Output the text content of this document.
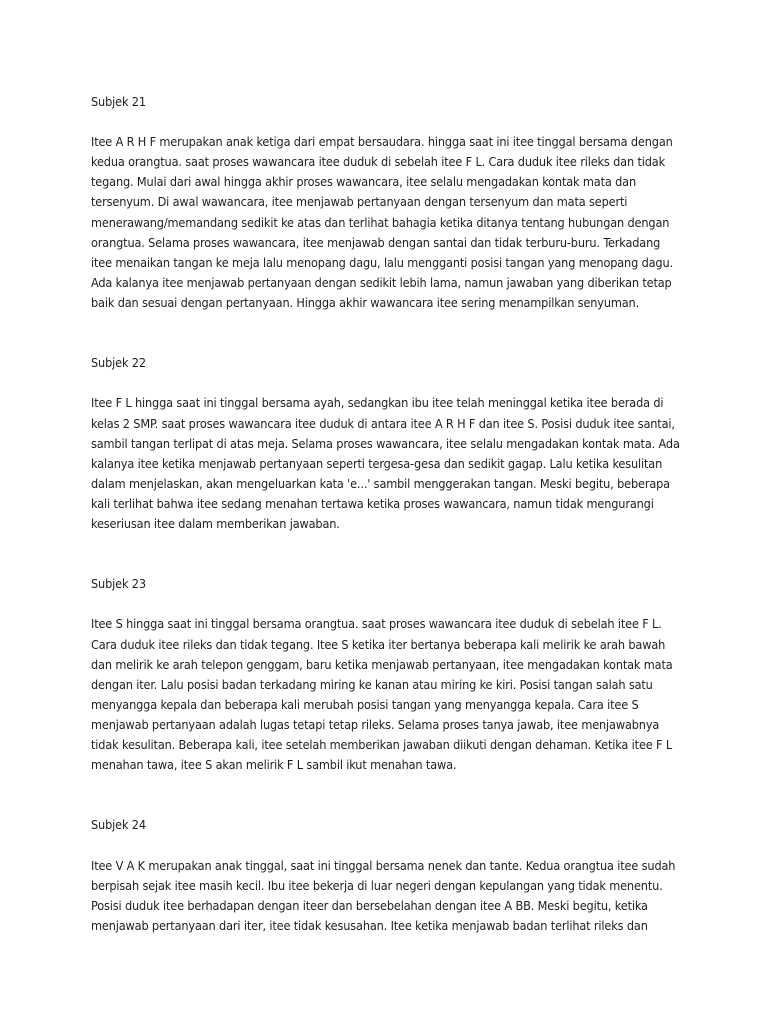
Subjek 21

Itee A R H F merupakan anak ketiga dari empat bersaudara. hingga saat ini itee tinggal bersama dengan kedua orangtua. saat proses wawancara itee duduk di sebelah itee F L. Cara duduk itee rileks dan tidak tegang. Mulai dari awal hingga akhir proses wawancara, itee selalu mengadakan kontak mata dan tersenyum. Di awal wawancara, itee menjawab pertanyaan dengan tersenyum dan mata seperti menerawang/memandang sedikit ke atas dan terlihat bahagia ketika ditanya tentang hubungan dengan orangtua. Selama proses wawancara, itee menjawab dengan santai dan tidak terburu-buru. Terkadang itee menaikan tangan ke meja lalu menopang dagu, lalu mengganti posisi tangan yang menopang dagu. Ada kalanya itee menjawab pertanyaan dengan sedikit lebih lama, namun jawaban yang diberikan tetap baik dan sesuai dengan pertanyaan. Hingga akhir wawancara itee sering menampilkan senyuman.

Subjek 22

Itee F L hingga saat ini tinggal bersama ayah, sedangkan ibu itee telah meninggal ketika itee berada di kelas 2 SMP. saat proses wawancara itee duduk di antara itee A R H F dan itee S. Posisi duduk itee santai, sambil tangan terlipat di atas meja. Selama proses wawancara, itee selalu mengadakan kontak mata. Ada kalanya itee ketika menjawab pertanyaan seperti tergesa-gesa dan sedikit gagap. Lalu ketika kesulitan dalam menjelaskan, akan mengeluarkan kata 'e...' sambil menggerakan tangan. Meski begitu, beberapa kali terlihat bahwa itee sedang menahan tertawa ketika proses wawancara, namun tidak mengurangi keseriusan itee dalam memberikan jawaban.

Subjek 23

Itee S hingga saat ini tinggal bersama orangtua. saat proses wawancara itee duduk di sebelah itee F L. Cara duduk itee rileks dan tidak tegang. Itee S ketika iter bertanya beberapa kali melirik ke arah bawah dan melirik ke arah telepon genggam, baru ketika menjawab pertanyaan, itee mengadakan kontak mata dengan iter. Lalu posisi badan terkadang miring ke kanan atau miring ke kiri. Posisi tangan salah satu menyangga kepala dan beberapa kali merubah posisi tangan yang menyangga kepala. Cara itee S menjawab pertanyaan adalah lugas tetapi tetap rileks. Selama proses tanya jawab, itee menjawabnya tidak kesulitan. Beberapa kali, itee setelah memberikan jawaban diikuti dengan dehaman. Ketika itee F L menahan tawa, itee S akan melirik F L sambil ikut menahan tawa.

Subjek 24

Itee V A K merupakan anak tinggal, saat ini tinggal bersama nenek dan tante. Kedua orangtua itee sudah berpisah sejak itee masih kecil. Ibu itee bekerja di luar negeri dengan kepulangan yang tidak menentu. Posisi duduk itee berhadapan dengan iteer dan bersebelahan dengan itee A BB. Meski begitu, ketika menjawab pertanyaan dari iter, itee tidak kesusahan. Itee ketika menjawab badan terlihat rileks dan
